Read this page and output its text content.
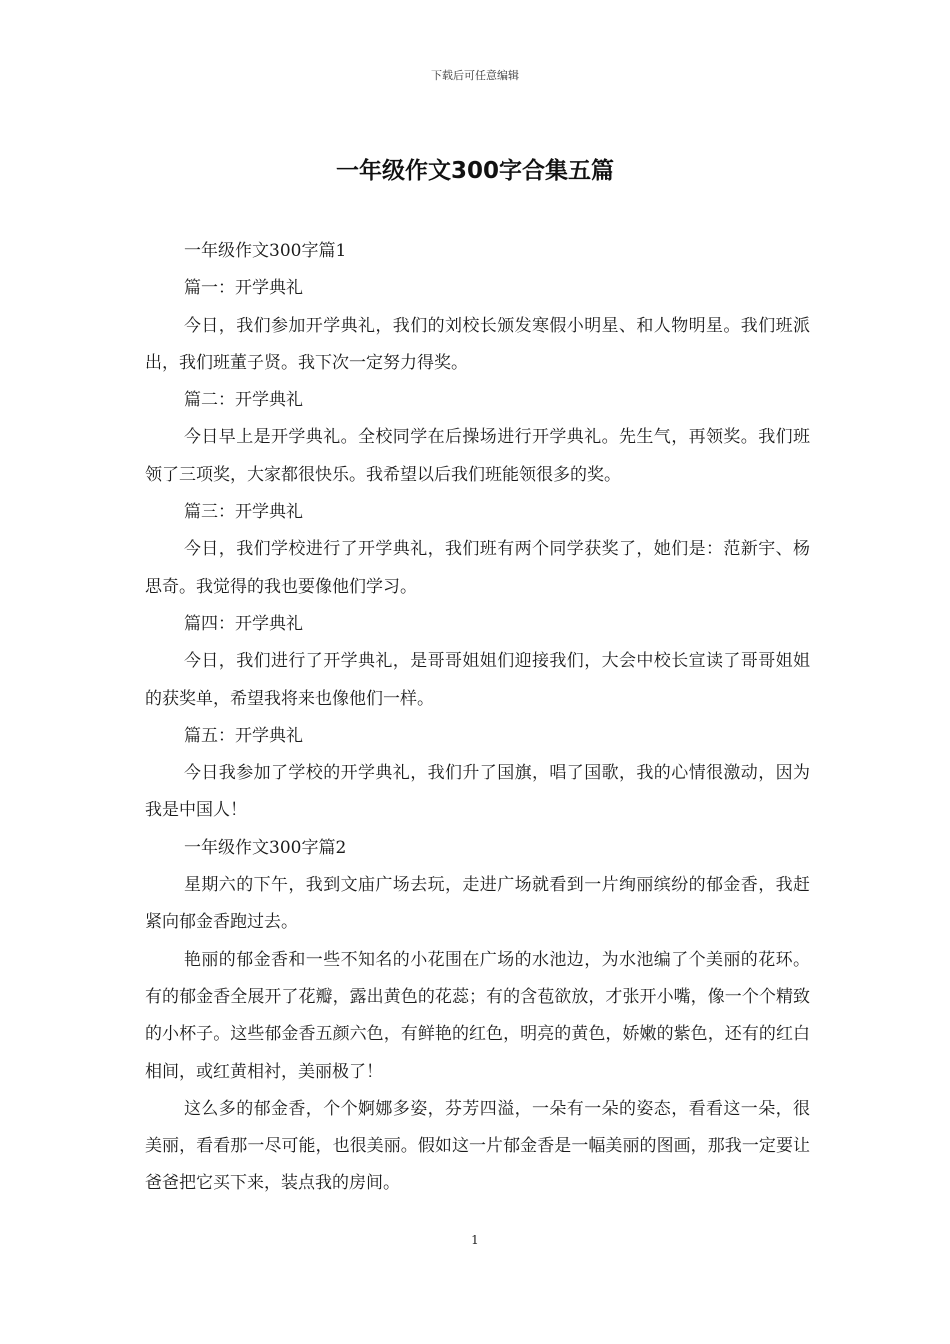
下载后可任意编辑
一年级作文300字合集五篇

一年级作文300字篇1

篇一：开学典礼

今日，我们参加开学典礼，我们的刘校长颁发寒假小明星、和人物明星。我们班派出，我们班董子贤。我下次一定努力得奖。

篇二：开学典礼

今日早上是开学典礼。全校同学在后操场进行开学典礼。先生气，再领奖。我们班领了三项奖，大家都很快乐。我希望以后我们班能领很多的奖。

篇三：开学典礼

今日，我们学校进行了开学典礼，我们班有两个同学获奖了，她们是：范新宇、杨思奇。我觉得的我也要像他们学习。

篇四：开学典礼

今日，我们进行了开学典礼，是哥哥姐姐们迎接我们，大会中校长宣读了哥哥姐姐的获奖单，希望我将来也像他们一样。

篇五：开学典礼

今日我参加了学校的开学典礼，我们升了国旗，唱了国歌，我的心情很激动，因为我是中国人！

一年级作文300字篇2

星期六的下午，我到文庙广场去玩，走进广场就看到一片绚丽缤纷的郁金香，我赶紧向郁金香跑过去。

艳丽的郁金香和一些不知名的小花围在广场的水池边，为水池编了个美丽的花环。有的郁金香全展开了花瓣，露出黄色的花蕊；有的含苞欲放，才张开小嘴，像一个个精致的小杯子。这些郁金香五颜六色，有鲜艳的红色，明亮的黄色，娇嫩的紫色，还有的红白相间，或红黄相衬，美丽极了！

这么多的郁金香，个个婀娜多姿，芬芳四溢，一朵有一朵的姿态，看看这一朵，很美丽，看看那一尽可能，也很美丽。假如这一片郁金香是一幅美丽的图画，那我一定要让爸爸把它买下来，装点我的房间。

1
